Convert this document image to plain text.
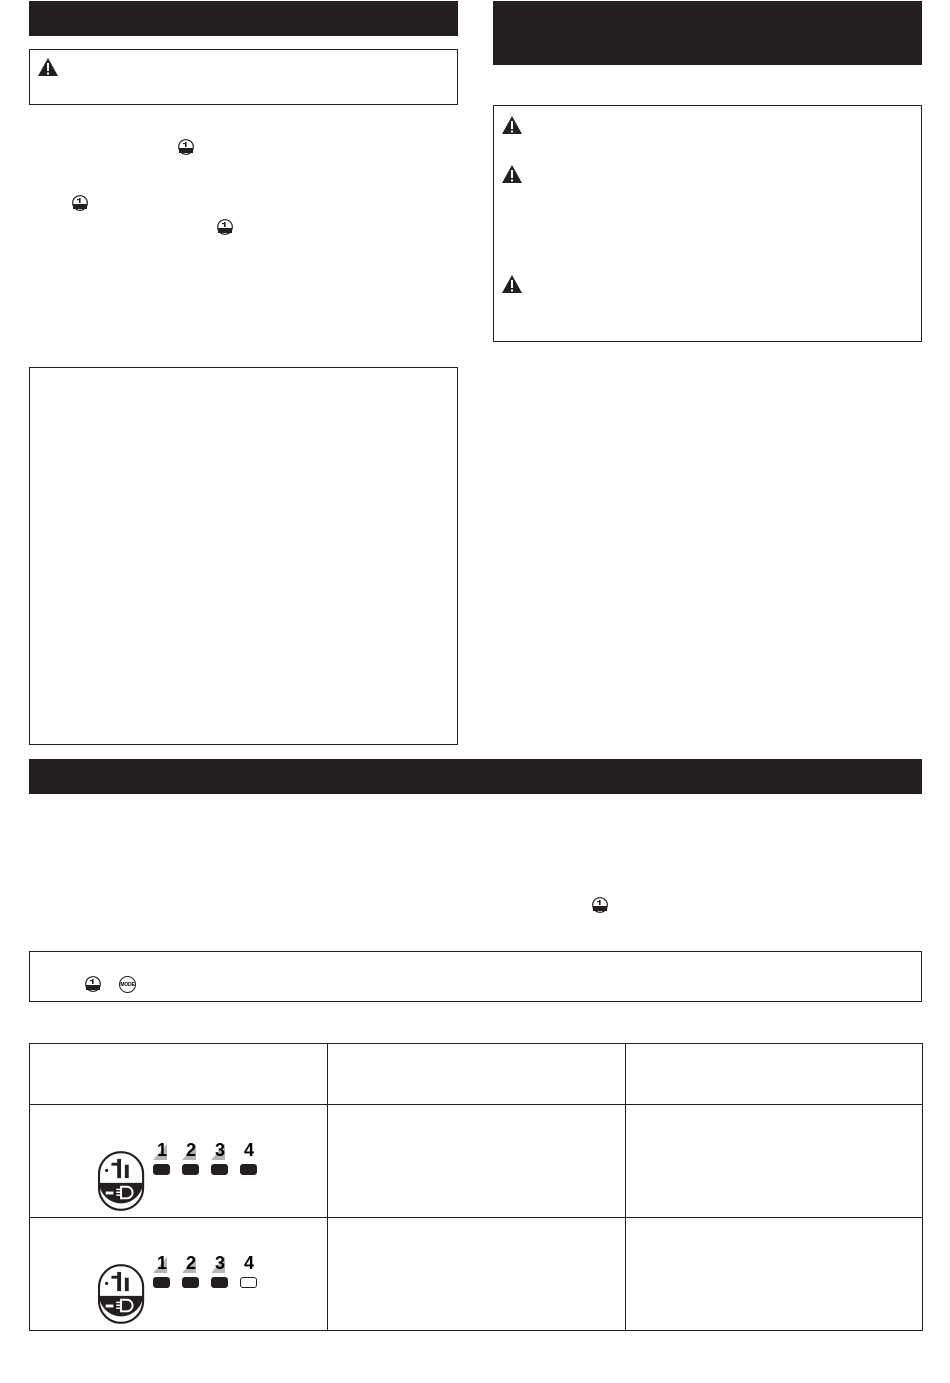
MODE

1 2 3 4		

1 2 3 4		
